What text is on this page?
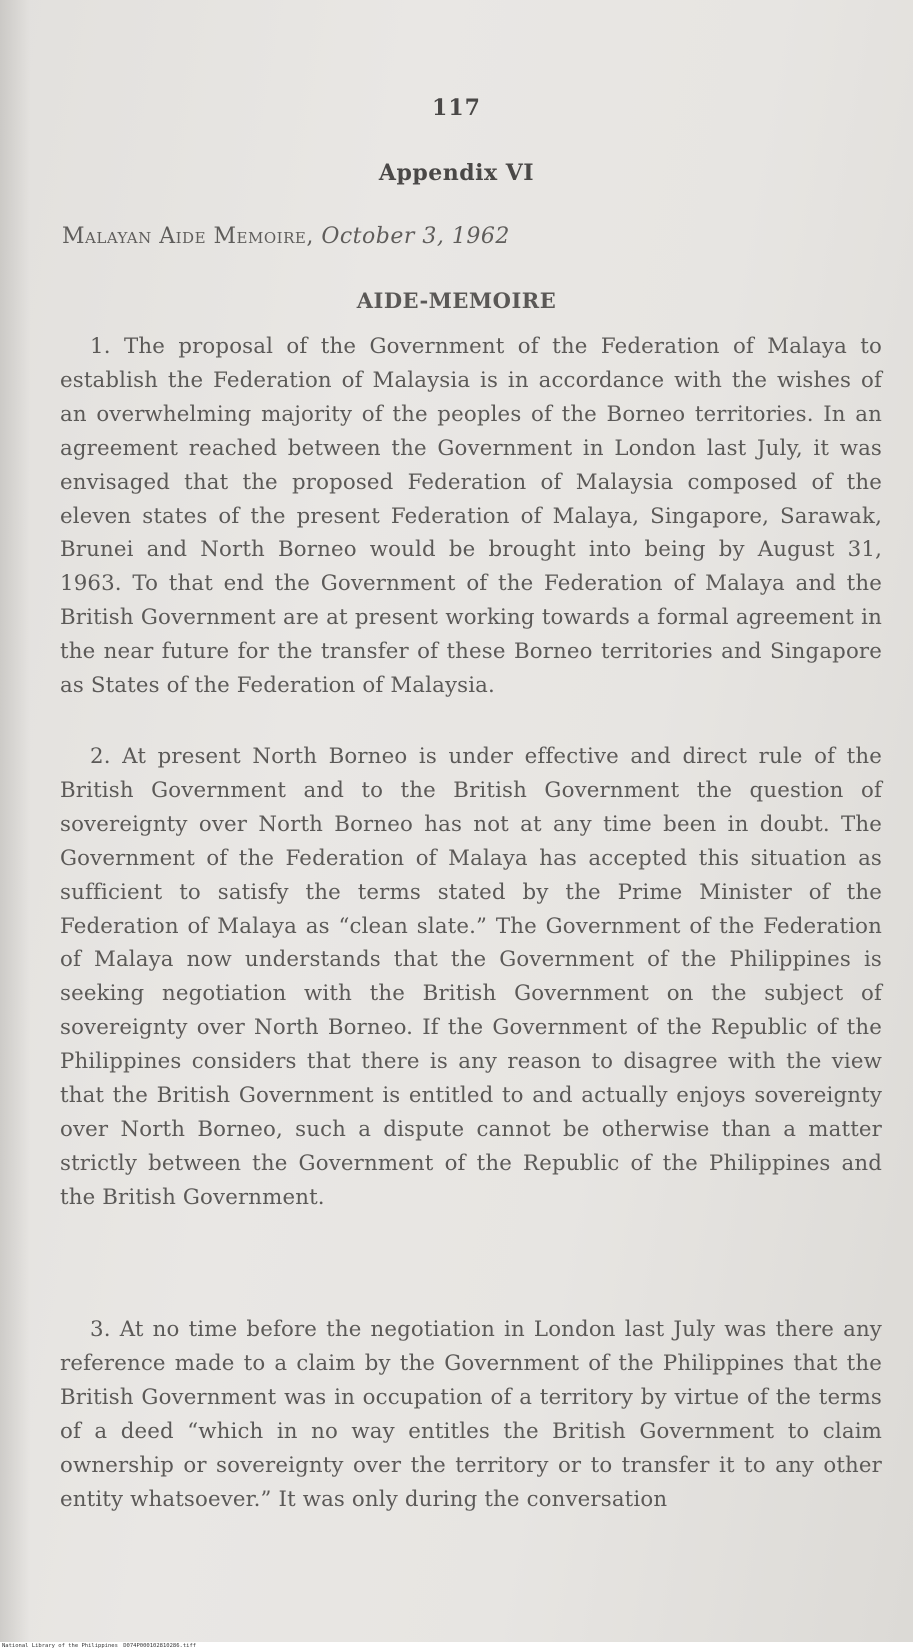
117
Appendix VI
Malayan Aide Memoire, October 3, 1962
AIDE-MEMOIRE

1. The proposal of the Government of the Federation of Malaya to establish the Federation of Malaysia is in accordance with the wishes of an overwhelming majority of the peoples of the Borneo territories. In an agreement reached between the Government in London last July, it was envisaged that the proposed Federation of Malaysia composed of the eleven states of the present Federation of Malaya, Singapore, Sarawak, Brunei and North Borneo would be brought into being by August 31, 1963. To that end the Government of the Federation of Malaya and the British Government are at present working towards a formal agreement in the near future for the transfer of these Borneo territories and Singapore as States of the Federation of Malaysia.

2. At present North Borneo is under effective and direct rule of the British Government and to the British Government the question of sovereignty over North Borneo has not at any time been in doubt. The Government of the Federation of Malaya has accepted this situation as sufficient to satisfy the terms stated by the Prime Minister of the Federation of Malaya as “clean slate.” The Government of the Federation of Malaya now understands that the Government of the Philippines is seeking negotiation with the British Government on the subject of sovereignty over North Borneo. If the Government of the Republic of the Philippines considers that there is any reason to disagree with the view that the British Government is entitled to and actually enjoys sovereignty over North Borneo, such a dispute cannot be otherwise than a matter strictly between the Government of the Republic of the Philippines and the British Government.

3. At no time before the negotiation in London last July was there any reference made to a claim by the Government of the Philippines that the British Government was in occupation of a territory by virtue of the terms of a deed “which in no way entitles the British Government to claim ownership or sovereignty over the territory or to transfer it to any other entity whatsoever.” It was only during the conversation

National Library of the Philippines D074P000102810286.tiff
